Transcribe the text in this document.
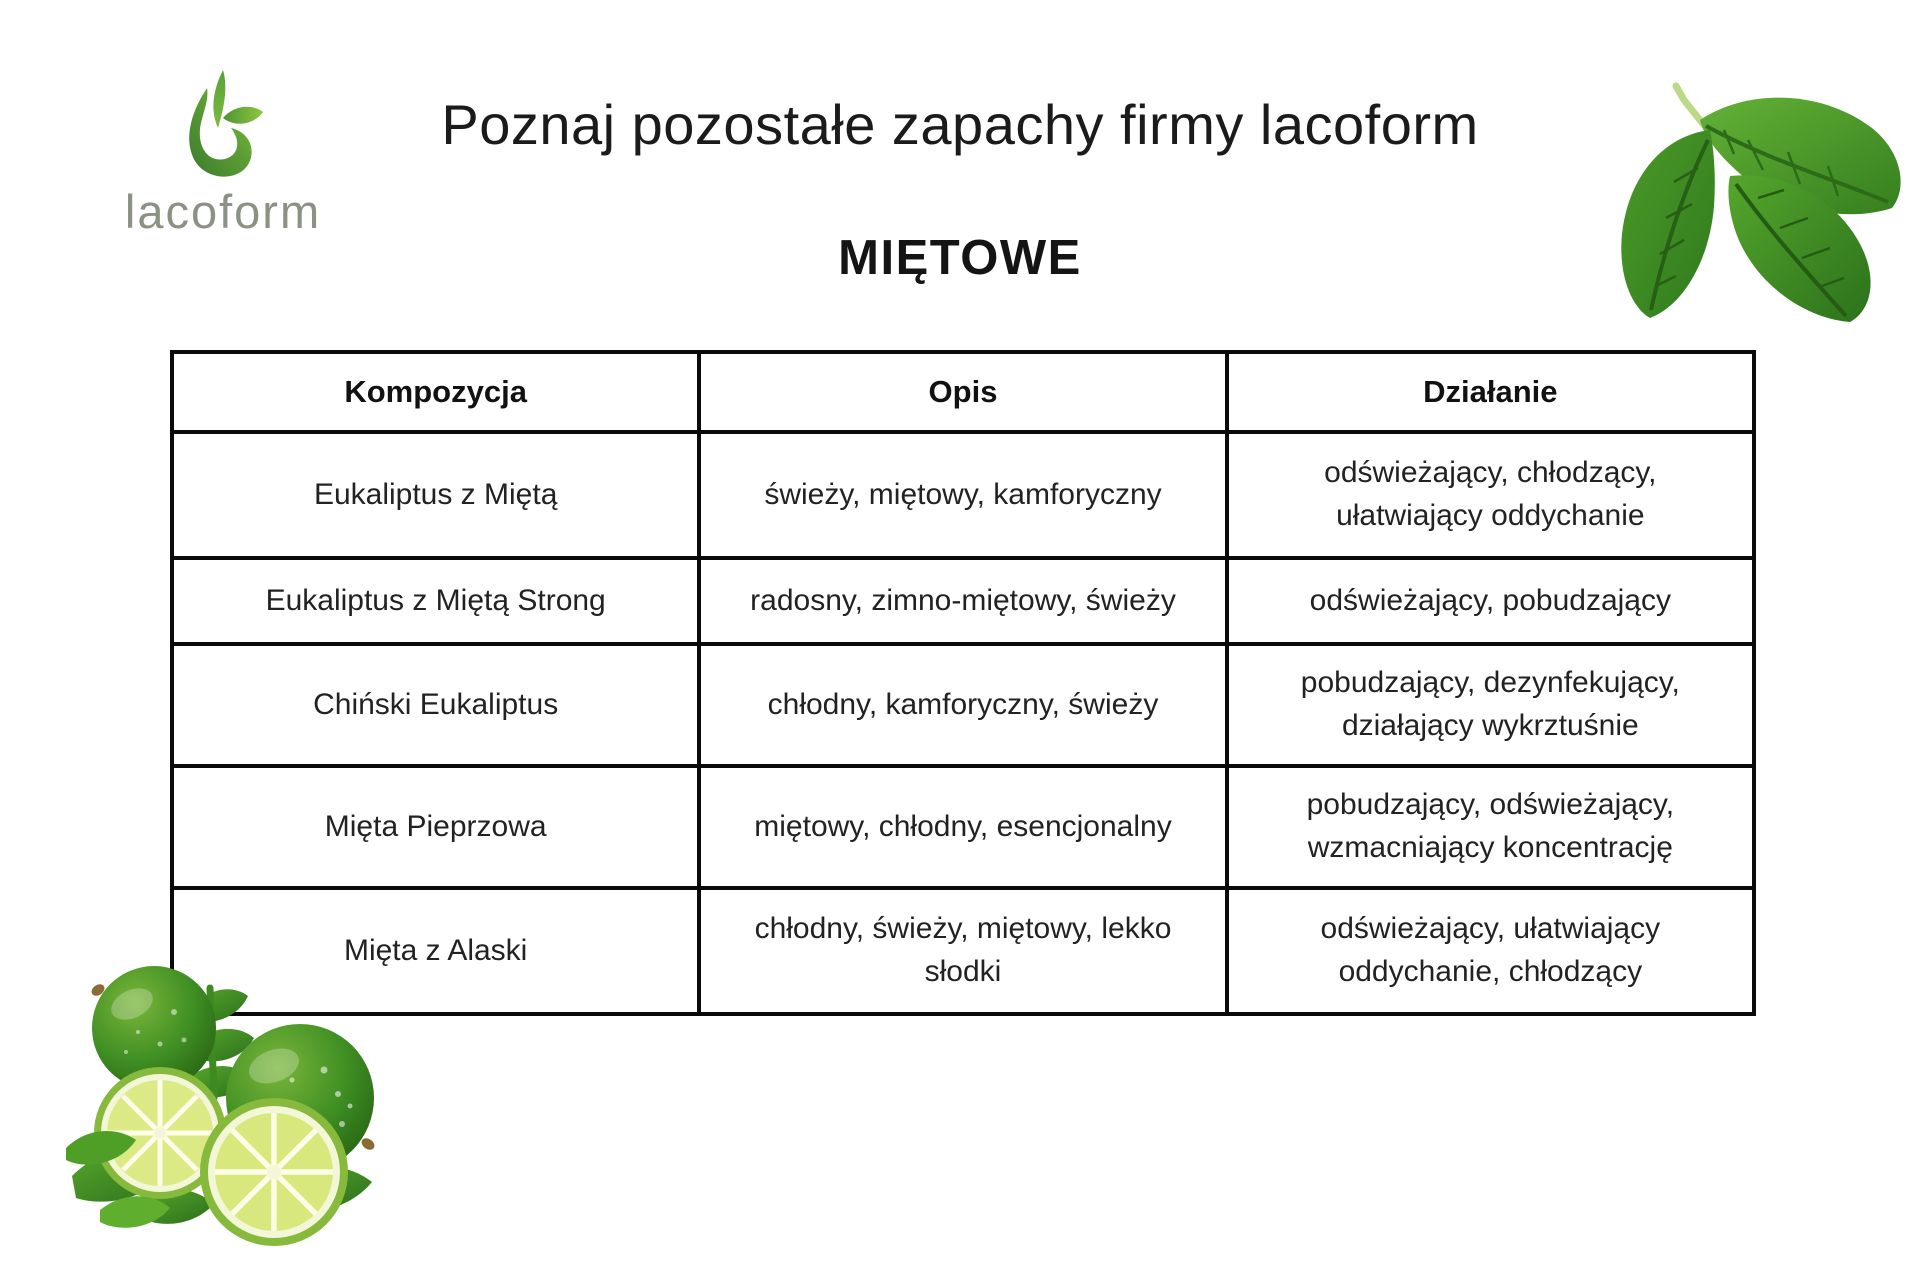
lacoform
Poznaj pozostałe zapachy firmy lacoform
MIĘTOWE
Kompozycja	Opis	Działanie
Eukaliptus z Miętą	świeży, miętowy, kamforyczny	odświeżający, chłodzący, ułatwiający oddychanie
Eukaliptus z Miętą Strong	radosny, zimno-miętowy, świeży	odświeżający, pobudzający
Chiński Eukaliptus	chłodny, kamforyczny, świeży	pobudzający, dezynfekujący, działający wykrztuśnie
Mięta Pieprzowa	miętowy, chłodny, esencjonalny	pobudzający, odświeżający, wzmacniający koncentrację
Mięta z Alaski	chłodny, świeży, miętowy, lekko słodki	odświeżający, ułatwiający oddychanie, chłodzący
